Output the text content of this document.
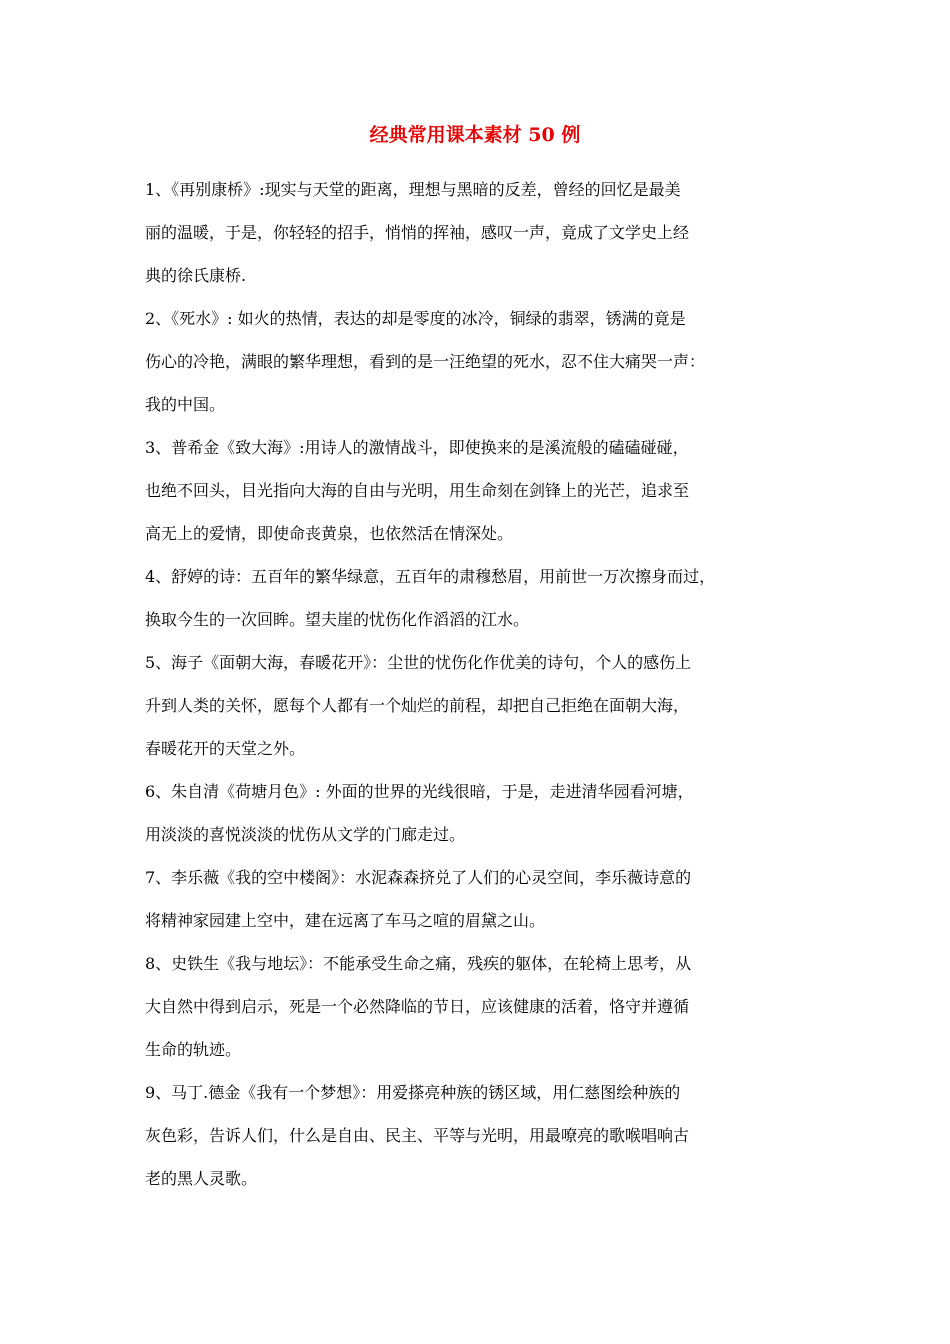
经典常用课本素材 50 例
1、《再别康桥》:现实与天堂的距离，理想与黑暗的反差，曾经的回忆是最美
丽的温暖，于是，你轻轻的招手，悄悄的挥袖，感叹一声，竟成了文学史上经
典的徐氏康桥.
2、《死水》: 如火的热情，表达的却是零度的冰冷，铜绿的翡翠，锈满的竟是
伤心的冷艳，满眼的繁华理想，看到的是一汪绝望的死水，忍不住大痛哭一声：
我的中国。
3、普希金《致大海》:用诗人的激情战斗，即使换来的是溪流般的磕磕碰碰，
也绝不回头，目光指向大海的自由与光明，用生命刻在剑锋上的光芒，追求至
高无上的爱情，即使命丧黄泉，也依然活在情深处。
4、舒婷的诗：五百年的繁华绿意，五百年的肃穆愁眉，用前世一万次擦身而过，
换取今生的一次回眸。望夫崖的忧伤化作滔滔的江水。
5、海子《面朝大海，春暖花开》：尘世的忧伤化作优美的诗句，个人的感伤上
升到人类的关怀，愿每个人都有一个灿烂的前程，却把自己拒绝在面朝大海，
春暖花开的天堂之外。
6、朱自清《荷塘月色》: 外面的世界的光线很暗，于是，走进清华园看河塘，
用淡淡的喜悦淡淡的忧伤从文学的门廊走过。
7、李乐薇《我的空中楼阁》：水泥森森挤兑了人们的心灵空间，李乐薇诗意的
将精神家园建上空中，建在远离了车马之喧的眉黛之山。
8、史铁生《我与地坛》：不能承受生命之痛，残疾的躯体，在轮椅上思考，从
大自然中得到启示，死是一个必然降临的节日，应该健康的活着，恪守并遵循
生命的轨迹。
9、马丁.德金《我有一个梦想》：用爱搽亮种族的锈区域，用仁慈图绘种族的
灰色彩，告诉人们，什么是自由、民主、平等与光明，用最嘹亮的歌喉唱响古
老的黑人灵歌。
